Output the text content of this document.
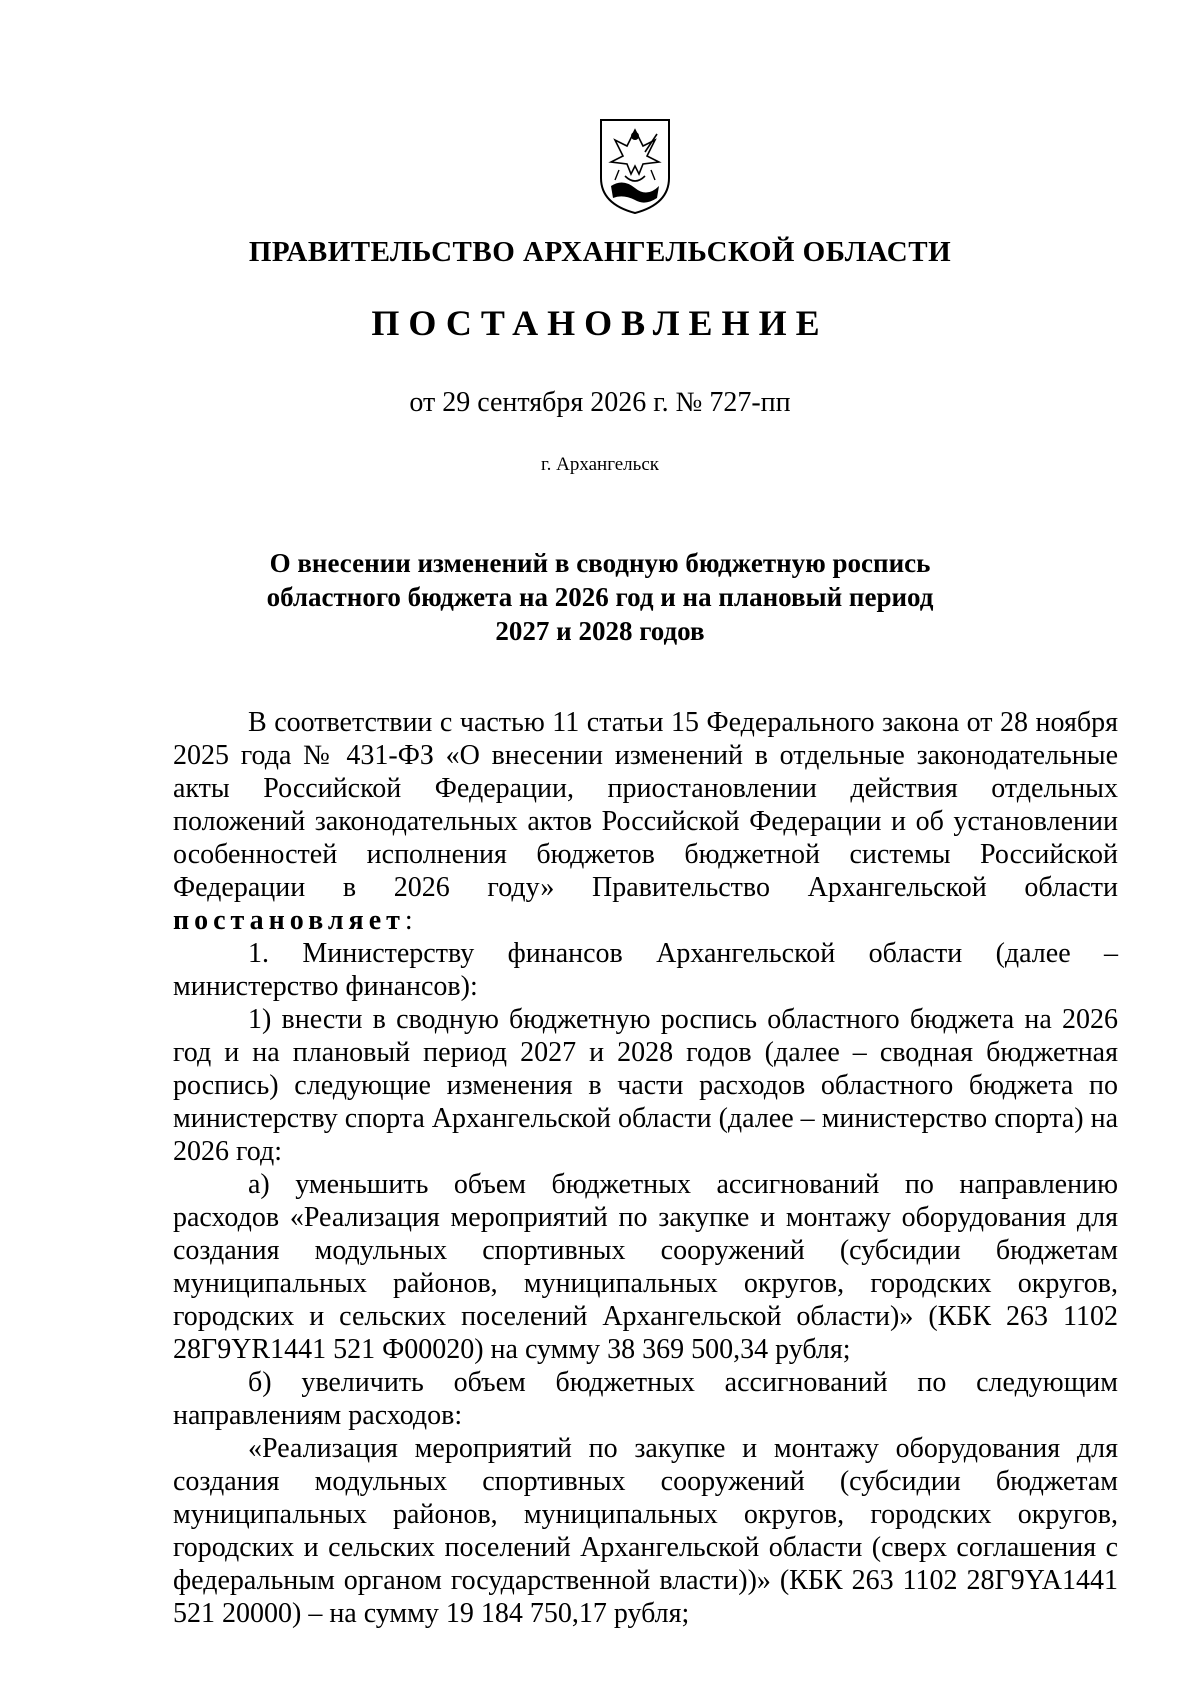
ПРАВИТЕЛЬСТВО АРХАНГЕЛЬСКОЙ ОБЛАСТИ
ПОСТАНОВЛЕНИЕ
от 29 сентября 2026 г. № 727-пп
г. Архангельск
О внесении изменений в сводную бюджетную роспись
областного бюджета на 2026 год и на плановый период
2027 и 2028 годов

В соответствии с частью 11 статьи 15 Федерального закона от 28 ноября 2025 года № 431-ФЗ «О внесении изменений в отдельные законодательные акты Российской Федерации, приостановлении действия отдельных положений законодательных актов Российской Федерации и об установлении особенностей исполнения бюджетов бюджетной системы Российской Федерации в 2026 году» Правительство Архангельской области постановляет:

1. Министерству финансов Архангельской области (далее – министерство финансов):

1) внести в сводную бюджетную роспись областного бюджета на 2026 год и на плановый период 2027 и 2028 годов (далее – сводная бюджетная роспись) следующие изменения в части расходов областного бюджета по министерству спорта Архангельской области (далее – министерство спорта) на 2026 год:

а) уменьшить объем бюджетных ассигнований по направлению расходов «Реализация мероприятий по закупке и монтажу оборудования для создания модульных спортивных сооружений (субсидии бюджетам муниципальных районов, муниципальных округов, городских округов, городских и сельских поселений Архангельской области)» (КБК 263 1102 28Г9YR1441 521 Ф00020) на сумму 38 369 500,34 рубля;

б) увеличить объем бюджетных ассигнований по следующим направлениям расходов:

«Реализация мероприятий по закупке и монтажу оборудования для создания модульных спортивных сооружений (субсидии бюджетам муниципальных районов, муниципальных округов, городских округов, городских и сельских поселений Архангельской области (сверх соглашения с федеральным органом государственной власти))» (КБК 263 1102 28Г9YA1441 521 20000) – на сумму 19 184 750,17 рубля;
